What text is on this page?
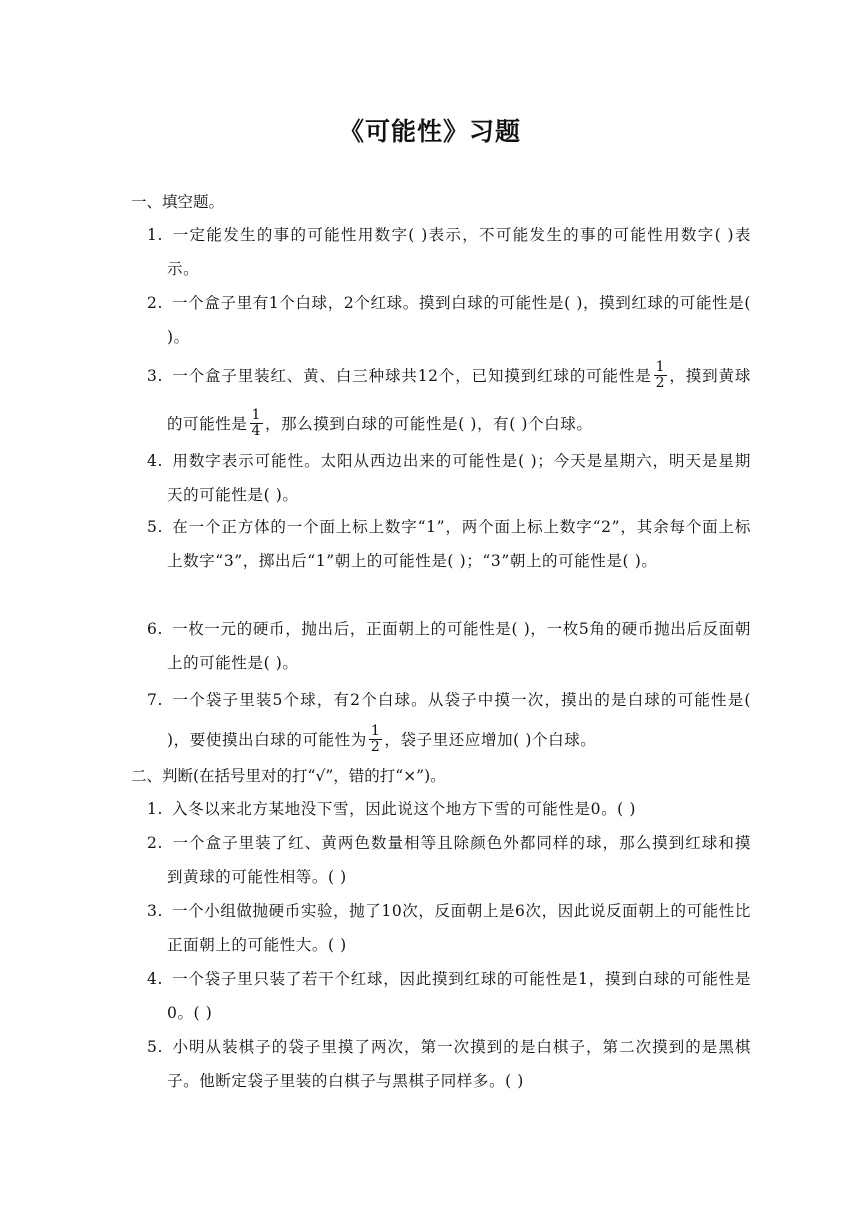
《可能性》习题
一、填空题。
1. 一定能发生的事的可能性用数字( )表示，不可能发生的事的可能性用数字( )表示。
2. 一个盒子里有1个白球，2个红球。摸到白球的可能性是( )，摸到红球的可能性是( )。
3. 一个盒子里装红、黄、白三种球共12个，已知摸到红球的可能性是 $\frac{1}{2}$ ，摸到黄球的可能性是 $\frac{1}{4}$ ，那么摸到白球的可能性是( )，有( )个白球。
4. 用数字表示可能性。太阳从西边出来的可能性是( )；今天是星期六，明天是星期天的可能性是( )。
5. 在一个正方体的一个面上标上数字“1”，两个面上标上数字“2”，其余每个面上标上数字“3”，掷出后“1”朝上的可能性是( )；“3”朝上的可能性是( )。
6. 一枚一元的硬币，抛出后，正面朝上的可能性是( )，一枚5角的硬币抛出后反面朝上的可能性是( )。
7. 一个袋子里装5个球，有2个白球。从袋子中摸一次，摸出的是白球的可能性是( )，要使摸出白球的可能性为 $\frac{1}{2}$ ，袋子里还应增加( )个白球。
二、判断(在括号里对的打“√”，错的打“×”)。
1. 入冬以来北方某地没下雪，因此说这个地方下雪的可能性是0。( )
2. 一个盒子里装了红、黄两色数量相等且除颜色外都同样的球，那么摸到红球和摸到黄球的可能性相等。( )
3. 一个小组做抛硬币实验，抛了10次，反面朝上是6次，因此说反面朝上的可能性比正面朝上的可能性大。( )
4. 一个袋子里只装了若干个红球，因此摸到红球的可能性是1，摸到白球的可能性是0。( )
5. 小明从装棋子的袋子里摸了两次，第一次摸到的是白棋子，第二次摸到的是黑棋子。他断定袋子里装的白棋子与黑棋子同样多。( )
